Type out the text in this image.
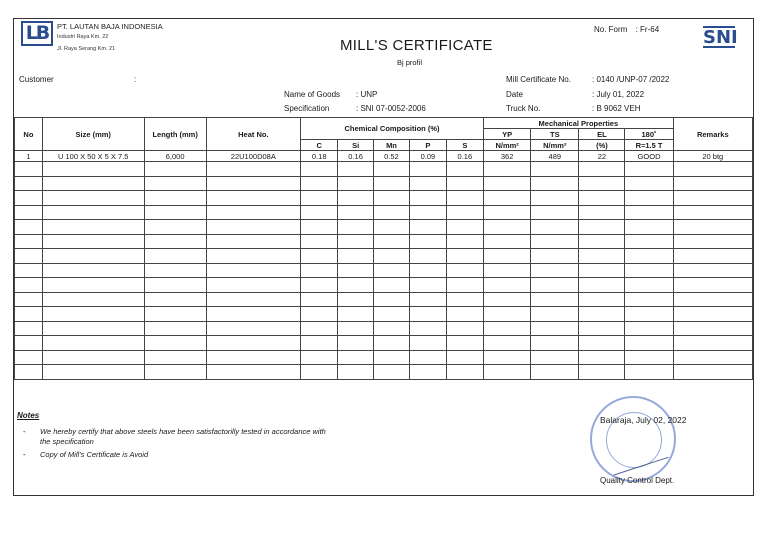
LB	PT. LAUTAN BAJA INDONESIA
Industri Raya Km. 22
Jl. Raya Serang Km. 21	MILL'S CERTIFICATE
Bj profil
No. Form : Fr-64 SNI
Customer	:
Name of Goods : UNP
Specification	: SNI 07-0052-2006
Mill Certificate No.	: 0140 /UNP-07 /2022
Date	: July 01, 2022
Truck No.	: B 9062 VEH
No	Size (mm)	Length (mm)	Heat No.	Chemical Composition (%)					Mechanical Properties				Remarks
									YP	TS	EL	180˚	
				C	Si	Mn	P	S	N/mm²	N/mm²	(%)	R=1.5 T	
1	U 100 X 50 X 5 X 7.5	6,000	22U100D08A	0.18	0.16	0.52	0.09	0.16	362	489	22	GOOD	20 btg

Notes
- We hereby certify that above steels have been satisfactorilly tested in accordance with
the specification
- Copy of Mill's Certificate is Avoid
Balaraja, July 02, 2022
Quality Control Dept.
